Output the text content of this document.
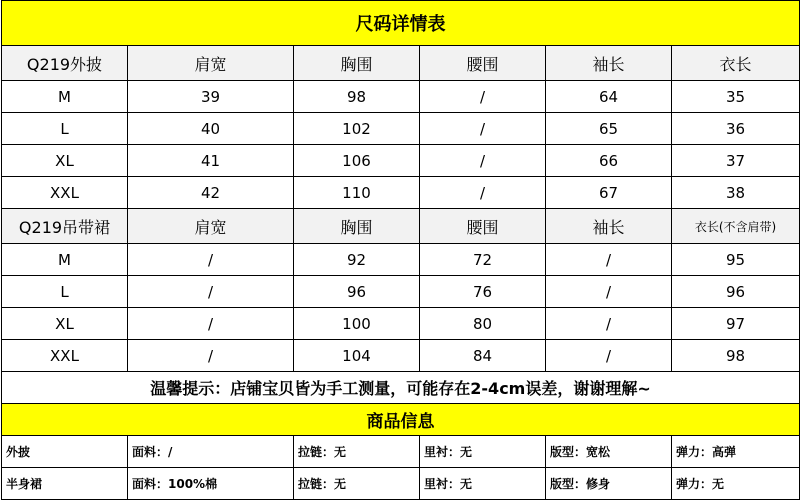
尺码详情表					
Q219外披	肩宽	胸围	腰围	袖长	衣长
M	39	98	/	64	35
L	40	102	/	65	36
XL	41	106	/	66	37
XXL	42	110	/	67	38
Q219吊带裙	肩宽	胸围	腰围	袖长	衣长(不含肩带)
M	/	92	72	/	95
L	/	96	76	/	96
XL	/	100	80	/	97
XXL	/	104	84	/	98
温馨提示：店铺宝贝皆为手工测量，可能存在2-4cm误差，谢谢理解~					
商品信息					
外披	面料：/	拉链：无	里衬：无	版型：宽松	弹力：高弹
半身裙	面料：100%棉	拉链：无	里衬：无	版型：修身	弹力：无
